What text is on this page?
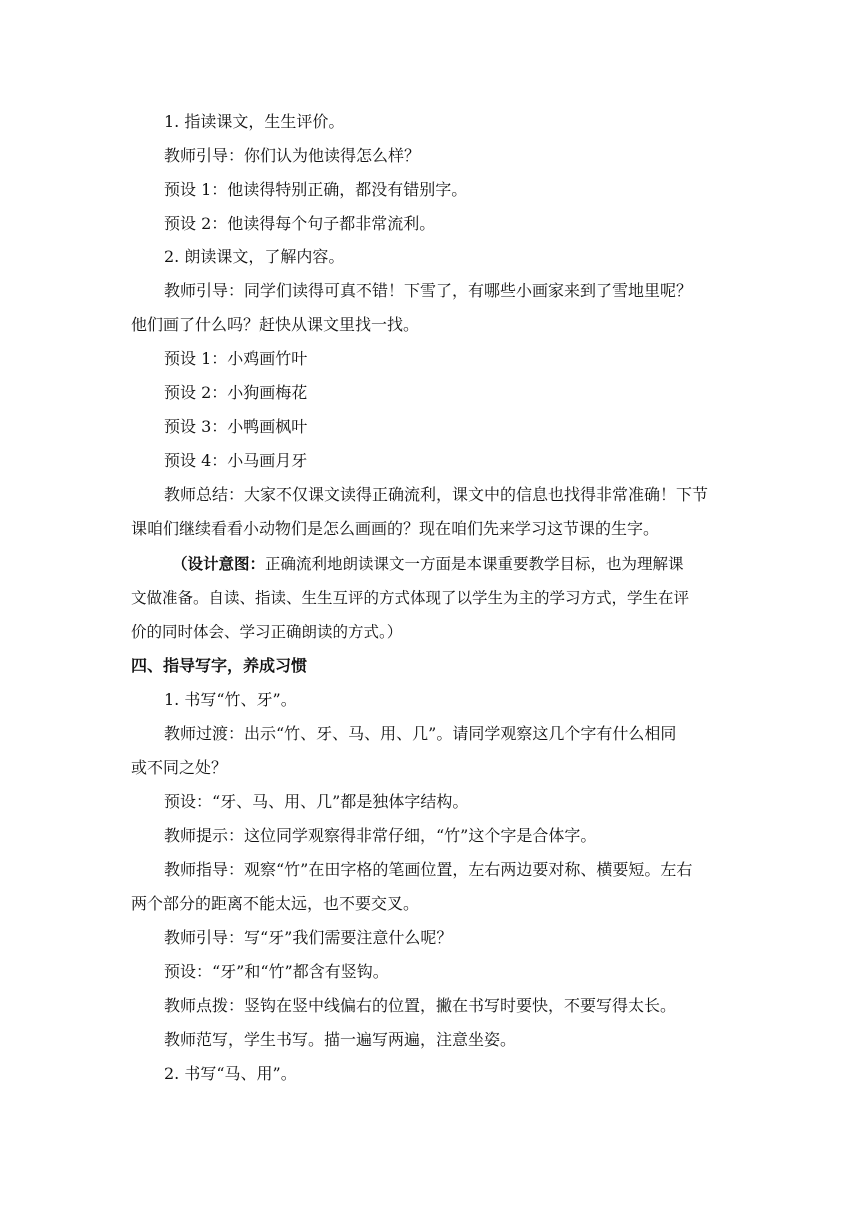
1. 指读课文，生生评价。
教师引导：你们认为他读得怎么样？
预设 1：他读得特别正确，都没有错别字。
预设 2：他读得每个句子都非常流利。
2. 朗读课文，了解内容。
教师引导：同学们读得可真不错！下雪了，有哪些小画家来到了雪地里呢？
他们画了什么吗？赶快从课文里找一找。
预设 1：小鸡画竹叶
预设 2：小狗画梅花
预设 3：小鸭画枫叶
预设 4：小马画月牙
教师总结：大家不仅课文读得正确流利，课文中的信息也找得非常准确！下节
课咱们继续看看小动物们是怎么画画的？现在咱们先来学习这节课的生字。
（设计意图：正确流利地朗读课文一方面是本课重要教学目标，也为理解课
文做准备。自读、指读、生生互评的方式体现了以学生为主的学习方式，学生在评
价的同时体会、学习正确朗读的方式。）
四、指导写字，养成习惯
1. 书写“竹、牙”。
教师过渡：出示“竹、牙、马、用、几”。请同学观察这几个字有什么相同
或不同之处？
预设：“牙、马、用、几”都是独体字结构。
教师提示：这位同学观察得非常仔细，“竹”这个字是合体字。
教师指导：观察“竹”在田字格的笔画位置，左右两边要对称、横要短。左右
两个部分的距离不能太远，也不要交叉。
教师引导：写“牙”我们需要注意什么呢？
预设：“牙”和“竹”都含有竖钩。
教师点拨：竖钩在竖中线偏右的位置，撇在书写时要快，不要写得太长。
教师范写，学生书写。描一遍写两遍，注意坐姿。
2. 书写“马、用”。
